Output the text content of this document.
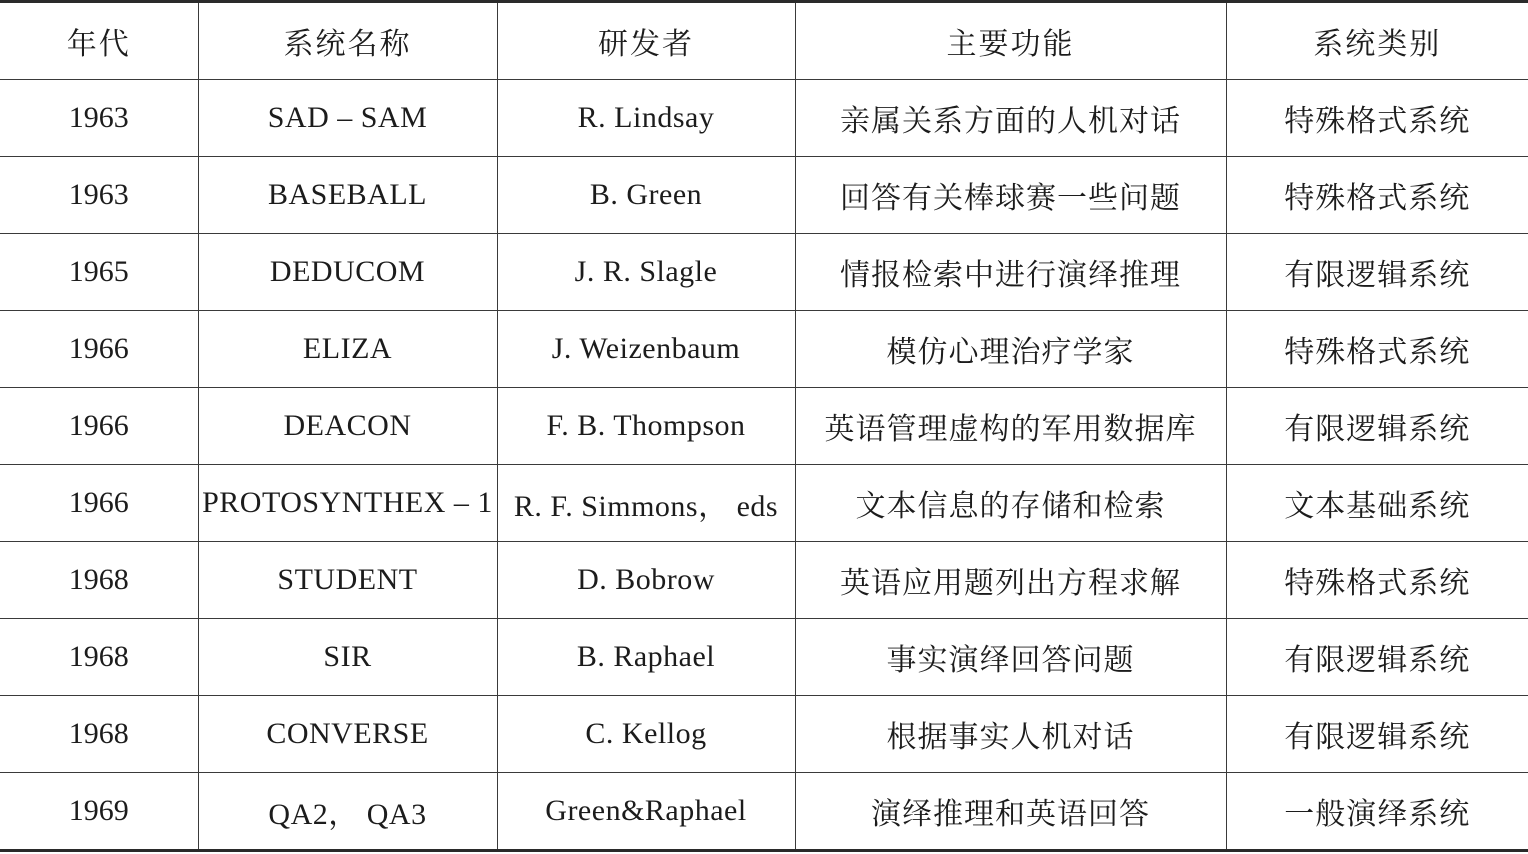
年代	系统名称	研发者	主要功能	系统类别
1963	SAD – SAM	R. Lindsay	亲属关系方面的人机对话	特殊格式系统
1963	BASEBALL	B. Green	回答有关棒球赛一些问题	特殊格式系统
1965	DEDUCOM	J. R. Slagle	情报检索中进行演绎推理	有限逻辑系统
1966	ELIZA	J. Weizenbaum	模仿心理治疗学家	特殊格式系统
1966	DEACON	F. B. Thompson	英语管理虚构的军用数据库	有限逻辑系统
1966	PROTOSYNTHEX – 1	R. F. Simmons， eds	文本信息的存储和检索	文本基础系统
1968	STUDENT	D. Bobrow	英语应用题列出方程求解	特殊格式系统
1968	SIR	B. Raphael	事实演绎回答问题	有限逻辑系统
1968	CONVERSE	C. Kellog	根据事实人机对话	有限逻辑系统
1969	QA2， QA3	Green&Raphael	演绎推理和英语回答	一般演绎系统
